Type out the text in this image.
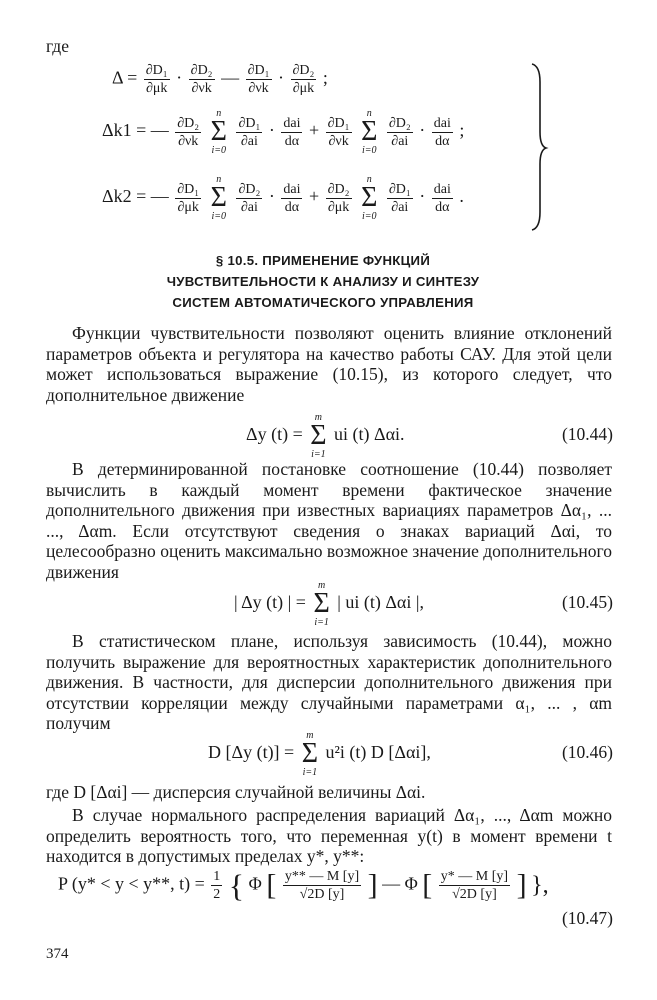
где
$\Delta = \frac{\text{∂D₁}}{\partial\mu k} \cdot \frac{\text{∂D₂}}{\partial\nu k}$ — $\frac{\text{∂D₁}}{\partial\nu k} \cdot \frac{\text{∂D₂}}{\partial\mu k}$ ;
Δk1 = — $\frac{\text{∂D₂}}{\partial\nu k}$

n
Σ
i=0

$\frac{\text{∂D₁}}{\partial ai} \cdot \frac{\text{dai}}{d\alpha} + \frac{\text{∂D₁}}{\partial\nu k}$

n
Σ
i=0

$\frac{\text{∂D₂}}{\partial ai} \cdot \frac{\text{dai}}{d\alpha}$ ;
Δk2 = — $\frac{\text{∂D₁}}{\partial\mu k}$

n
Σ
i=0

$\frac{\text{∂D₂}}{\partial ai} \cdot \frac{\text{dai}}{d\alpha} + \frac{\text{∂D₂}}{\partial\mu k}$

n
Σ
i=0

$\frac{\text{∂D₁}}{\partial ai} \cdot \frac{\text{dai}}{d\alpha}$ .
§ 10.5. ПРИМЕНЕНИЕ ФУНКЦИЙ
ЧУВСТВИТЕЛЬНОСТИ К АНАЛИЗУ И СИНТЕЗУ
СИСТЕМ АВТОМАТИЧЕСКОГО УПРАВЛЕНИЯ
Функции чувствительности позволяют оценить влияние отклонений параметров объекта и регулятора на качество работы САУ. Для этой цели может использоваться выражение (10.15), из которого следует, что дополнительное движение
Δy (t) =
m
Σ
i=1
ui (t) Δαi.	(10.44)
В детерминированной постановке соотношение (10.44) позволяет вычислить в каждый момент времени фактическое значение дополнительного движения при известных вариациях параметров Δα₁, ... ..., Δαm. Если отсутствуют сведения о знаках вариаций Δαi, то целесообразно оценить максимально возможное значение дополнительного движения
| Δy (t) | =
m
Σ
i=1
| ui (t) Δαi |,	(10.45)
В статистическом плане, используя зависимость (10.44), можно получить выражение для вероятностных характеристик дополнительного движения. В частности, для дисперсии дополнительного движения при отсутствии корреляции между случайными параметрами α₁, ... , αm получим
D [Δy (t)] =
m
Σ
i=1
u²i (t) D [Δαi],	(10.46)
где D [Δαi] — дисперсия случайной величины Δαi.
В случае нормального распределения вариаций Δα₁, ..., Δαm можно определить вероятность того, что переменная y(t) в момент времени t находится в допустимых пределах y*, y**:
P (y* < y < y**, $t) = \frac{1}{2}$ { Φ [ $\frac{y** — M [y]}{√2D [y]}$ ] — Φ [ $\frac{y* — M [y]}{√2D [y]}$ ] },
(10.47)
374
